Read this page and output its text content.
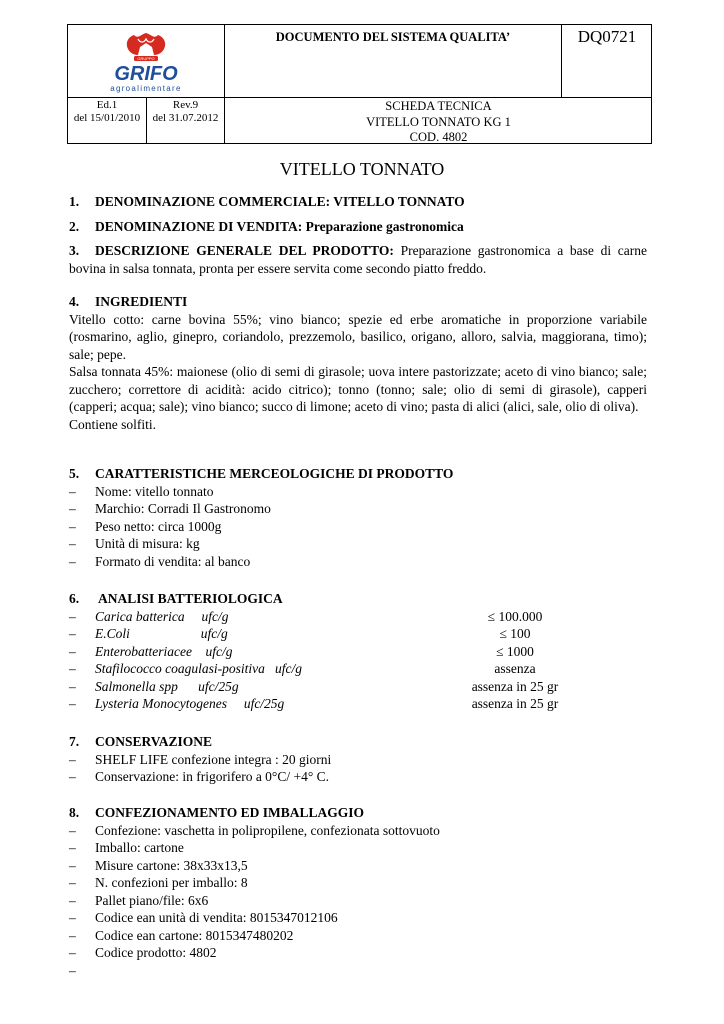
GRUPPO
GRIFO
agroalimentare
DOCUMENTO DEL SISTEMA QUALITA’	DQ0721
Ed.1
del 15/01/2010
Rev.9
del 31.07.2012
SCHEDA TECNICA
VITELLO TONNATO KG 1
COD. 4802
VITELLO TONNATO
1.	DENOMINAZIONE COMMERCIALE: VITELLO TONNATO
2.	DENOMINAZIONE DI VENDITA: Preparazione gastronomica
3. DESCRIZIONE GENERALE DEL PRODOTTO: Preparazione gastronomica a base di carne bovina in salsa tonnata, pronta per essere servita come secondo piatto freddo.
4.	INGREDIENTI
Vitello cotto: carne bovina 55%; vino bianco; spezie ed erbe aromatiche in proporzione variabile (rosmarino, aglio, ginepro, coriandolo, prezzemolo, basilico, origano, alloro, salvia, maggiorana, timo); sale; pepe.
Salsa tonnata 45%: maionese (olio di semi di girasole; uova intere pastorizzate; aceto di vino bianco; sale; zucchero; correttore di acidità: acido citrico); tonno (tonno; sale; olio di semi di girasole), capperi (capperi; acqua; sale); vino bianco; succo di limone; aceto di vino; pasta di alici (alici, sale, olio di oliva).
Contiene solfiti.
5.	CARATTERISTICHE MERCEOLOGICHE DI PRODOTTO
–	Nome: vitello tonnato
–	Marchio: Corradi Il Gastronomo
–	Peso netto: circa 1000g
–	Unità di misura: kg
–	Formato di vendita: al banco
6.	ANALISI BATTERIOLOGICA
–	Carica batterica     ufc/g	≤ 100.000
–	E.Coli                     ufc/g	≤ 100
–	Enterobatteriacee    ufc/g	≤ 1000
–	Stafilococco coagulasi-positiva   ufc/g	assenza
–	Salmonella spp      ufc/25g	assenza in 25 gr
–	Lysteria Monocytogenes     ufc/25g	assenza in 25 gr
7.	CONSERVAZIONE
–	SHELF LIFE confezione integra : 20 giorni
–	Conservazione: in frigorifero a 0°C/ +4° C.
8.	CONFEZIONAMENTO ED IMBALLAGGIO
–	Confezione: vaschetta in polipropilene, confezionata sottovuoto
–	Imballo: cartone
–	Misure cartone: 38x33x13,5
–	N. confezioni per imballo: 8
–	Pallet piano/file: 6x6
–	Codice ean unità di vendita: 8015347012106
–	Codice ean cartone: 8015347480202
–	Codice prodotto: 4802
–
